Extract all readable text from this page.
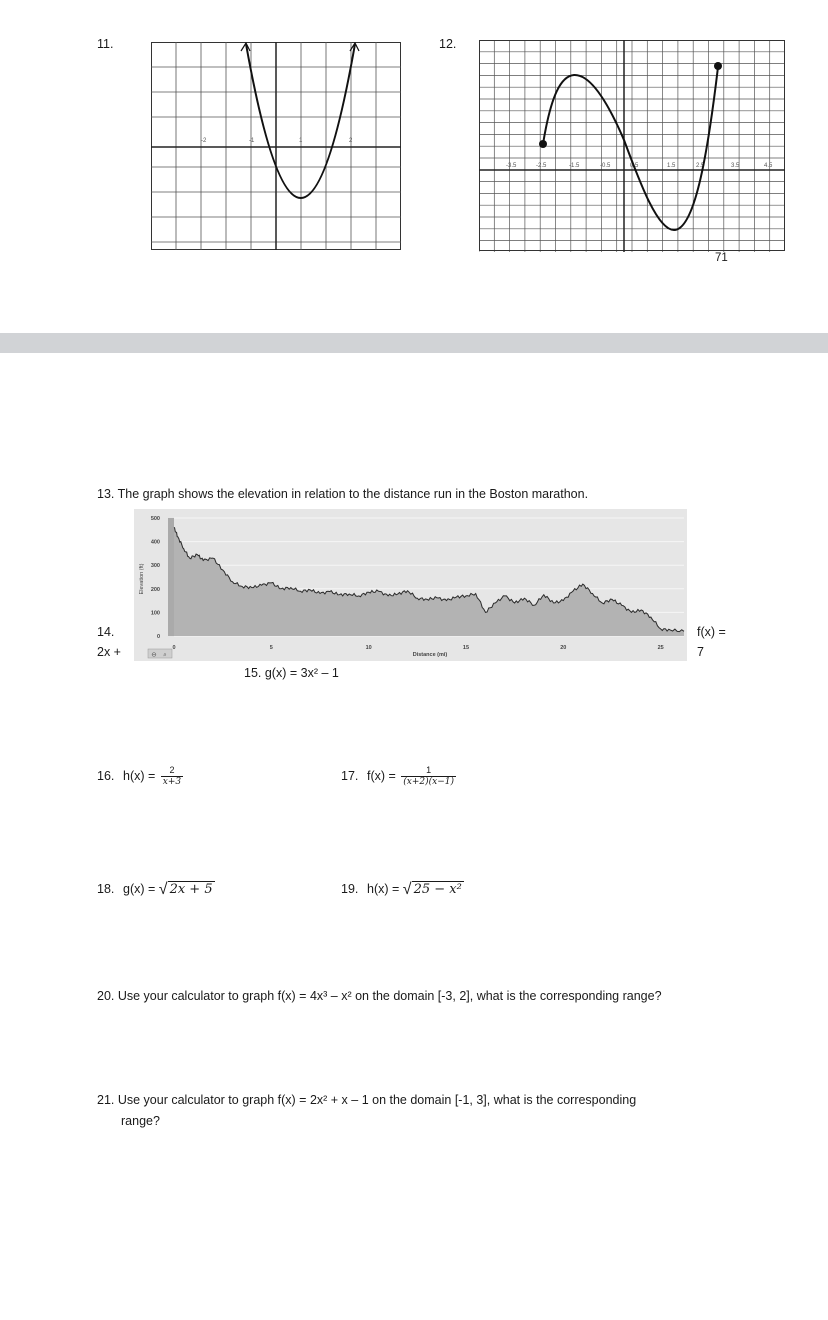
11.
-2	-1	1	2
12.
-3.5	-2.5	-1.5	-0.5	0.5	1.5	2.5	3.5	4.5
71
13. The graph shows the elevation in relation to the distance run in the Boston marathon.
0
100
200
300
400
500
0	5	10	15	20	25
Elevation (ft)
Distance (mi)
⊖ ⌕
14.
2x +
f(x) =
7
15. g(x) = 3x² – 1
16. $h(x) = \frac{2}{x+3}$	17. $f(x) = \frac{1}{(x+2)(x-1)}$
18. g(x) = √ 2x + 5	19. h(x) = √ 25 − x²
20. Use your calculator to graph f(x) = 4x³ – x² on the domain [-3, 2], what is the corresponding range?
21. Use your calculator to graph f(x) = 2x² + x – 1 on the domain [-1, 3], what is the corresponding
range?
